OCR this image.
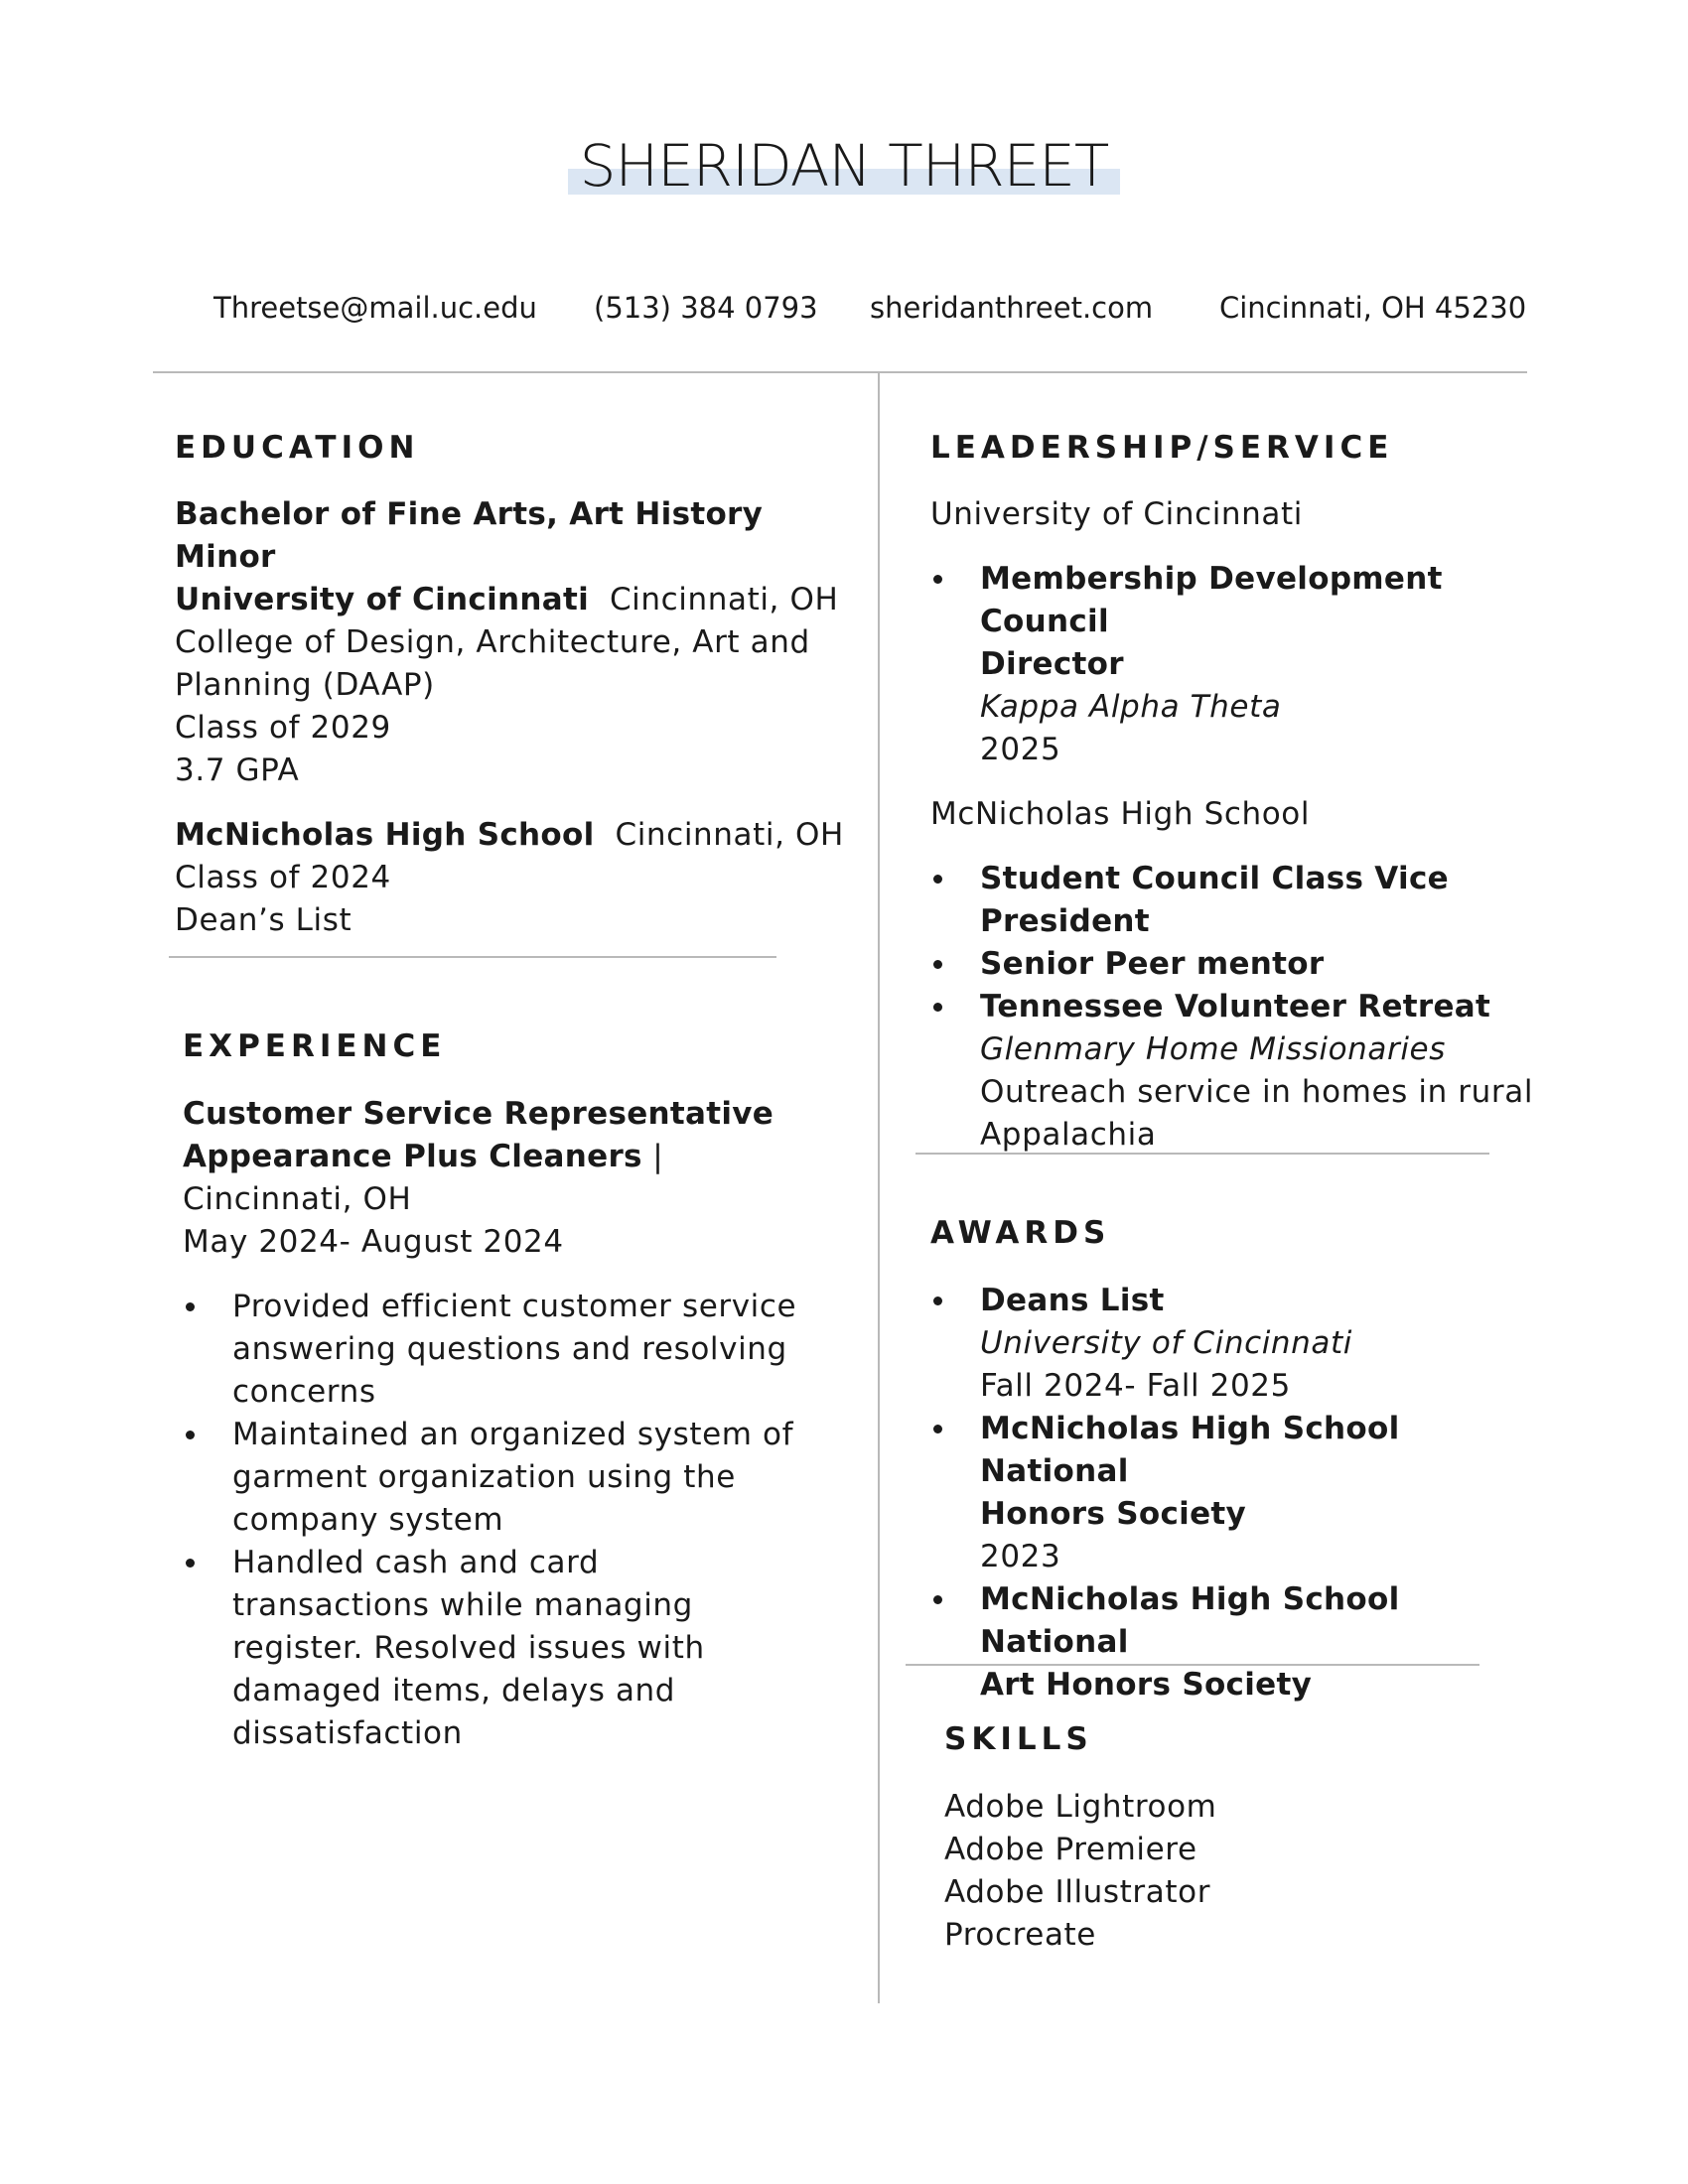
SHERIDAN THREET
Threetse@mail.uc.edu (513) 384 0793 sheridanthreet.com Cincinnati, OH 45230
EDUCATION
Bachelor of Fine Arts, Art History Minor
University of Cincinnati Cincinnati, OH
College of Design, Architecture, Art and
Planning (DAAP)
Class of 2029
3.7 GPA
McNicholas High School Cincinnati, OH
Class of 2024
Dean’s List
EXPERIENCE
Customer Service Representative
Appearance Plus Cleaners |
Cincinnati, OH
May 2024- August 2024
Provided efficient customer service
answering questions and resolving
concerns
Maintained an organized system of
garment organization using the
company system
Handled cash and card
transactions while managing
register. Resolved issues with
damaged items, delays and
dissatisfaction
LEADERSHIP/SERVICE
University of Cincinnati
Membership Development Council
Director
Kappa Alpha Theta
2025
McNicholas High School
Student Council Class Vice
President
Senior Peer mentor
Tennessee Volunteer Retreat
Glenmary Home Missionaries
Outreach service in homes in rural
Appalachia
AWARDS
Deans List
University of Cincinnati
Fall 2024- Fall 2025
McNicholas High School National
Honors Society
2023
McNicholas High School National
Art Honors Society
SKILLS
Adobe Lightroom
Adobe Premiere
Adobe Illustrator
Procreate
